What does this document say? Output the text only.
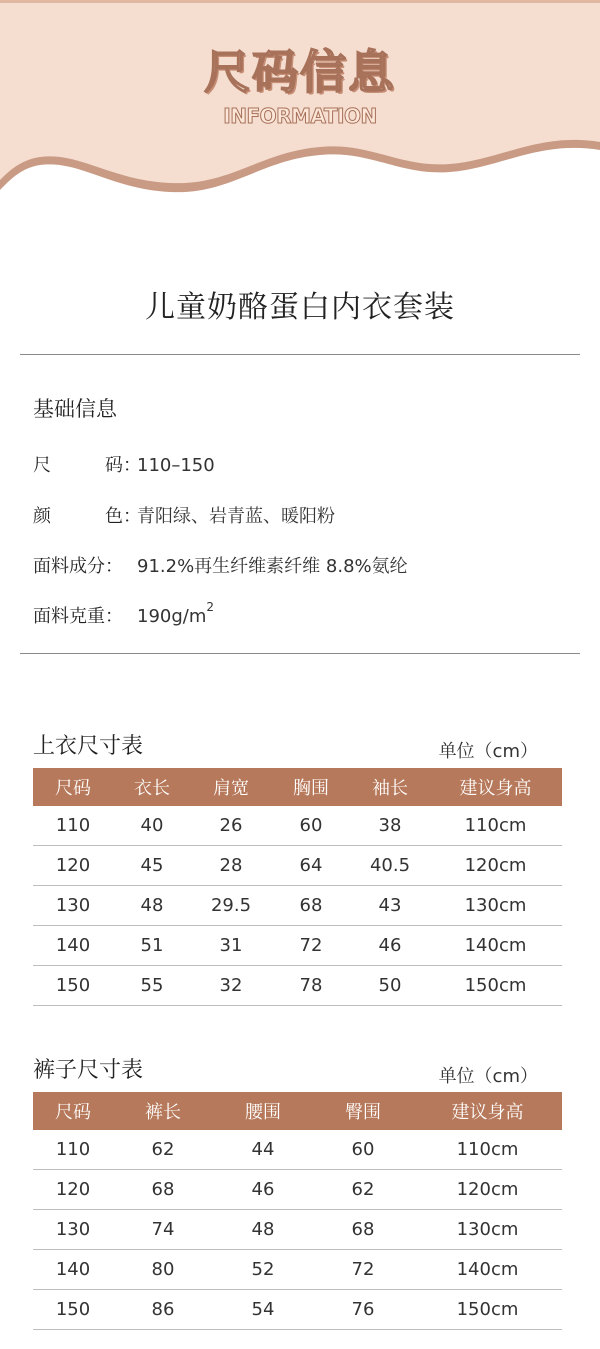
尺码信息
INFORMATION
儿童奶酪蛋白内衣套装
基础信息
尺	码 ：110–150
颜	色 ：青阳绿、岩青蓝、暖阳粉
面料成分： 91.2%再生纤维素纤维 8.8%氨纶
面料克重： $190g/m^2$
上衣尺寸表	单位（cm）
尺码	衣长	肩宽	胸围	袖长	建议身高
110	40	26	60	38	110cm
120	45	28	64	40.5	120cm
130	48	29.5	68	43	130cm
140	51	31	72	46	140cm
150	55	32	78	50	150cm
裤子尺寸表	单位（cm）
尺码	裤长	腰围	臀围	建议身高
110	62	44	60	110cm
120	68	46	62	120cm
130	74	48	68	130cm
140	80	52	72	140cm
150	86	54	76	150cm
